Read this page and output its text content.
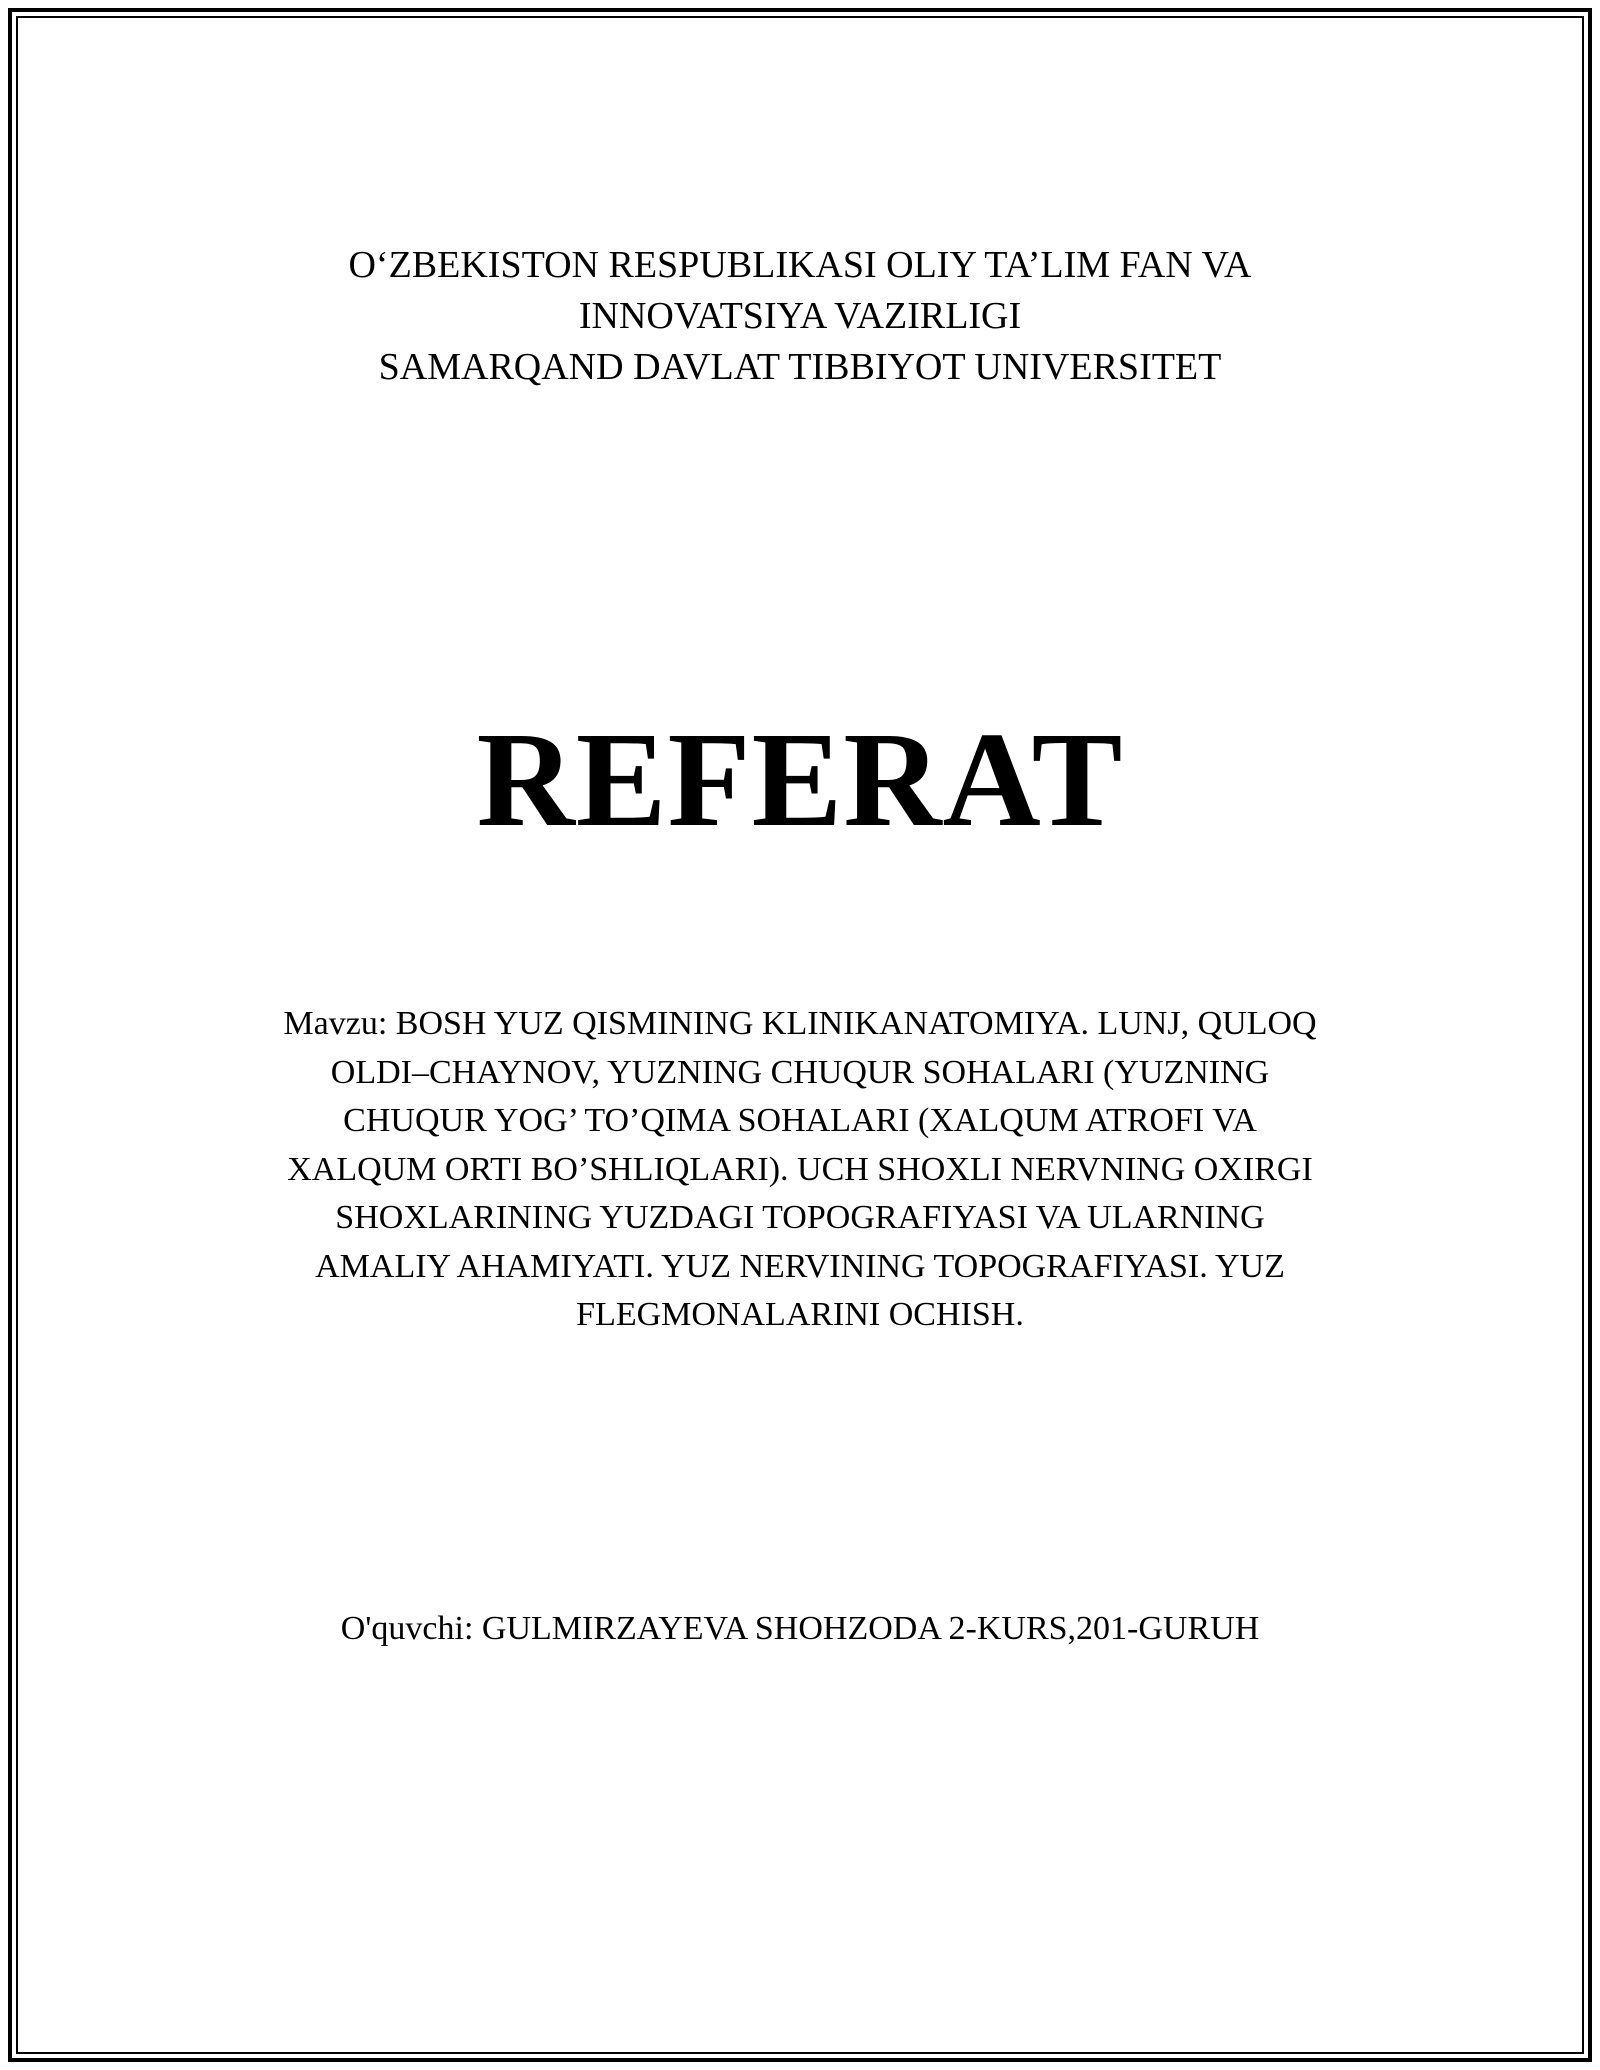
O‘ZBEKISTON RESPUBLIKASI OLIY TA’LIM FAN VA
INNOVATSIYA VAZIRLIGI
SAMARQAND DAVLAT TIBBIYOT UNIVERSITET
REFERAT
Mavzu: BOSH YUZ QISMINING KLINIKANATOMIYA. LUNJ, QULOQ
OLDI–CHAYNOV, YUZNING CHUQUR SOHALARI (YUZNING
CHUQUR YOG’ TO’QIMA SOHALARI (XALQUM ATROFI VA
XALQUM ORTI BO’SHLIQLARI). UCH SHOXLI NERVNING OXIRGI
SHOXLARINING YUZDAGI TOPOGRAFIYASI VA ULARNING
AMALIY AHAMIYATI. YUZ NERVINING TOPOGRAFIYASI. YUZ
FLEGMONALARINI OCHISH.
O'quvchi: GULMIRZAYEVA SHOHZODA 2-KURS,201-GURUH
